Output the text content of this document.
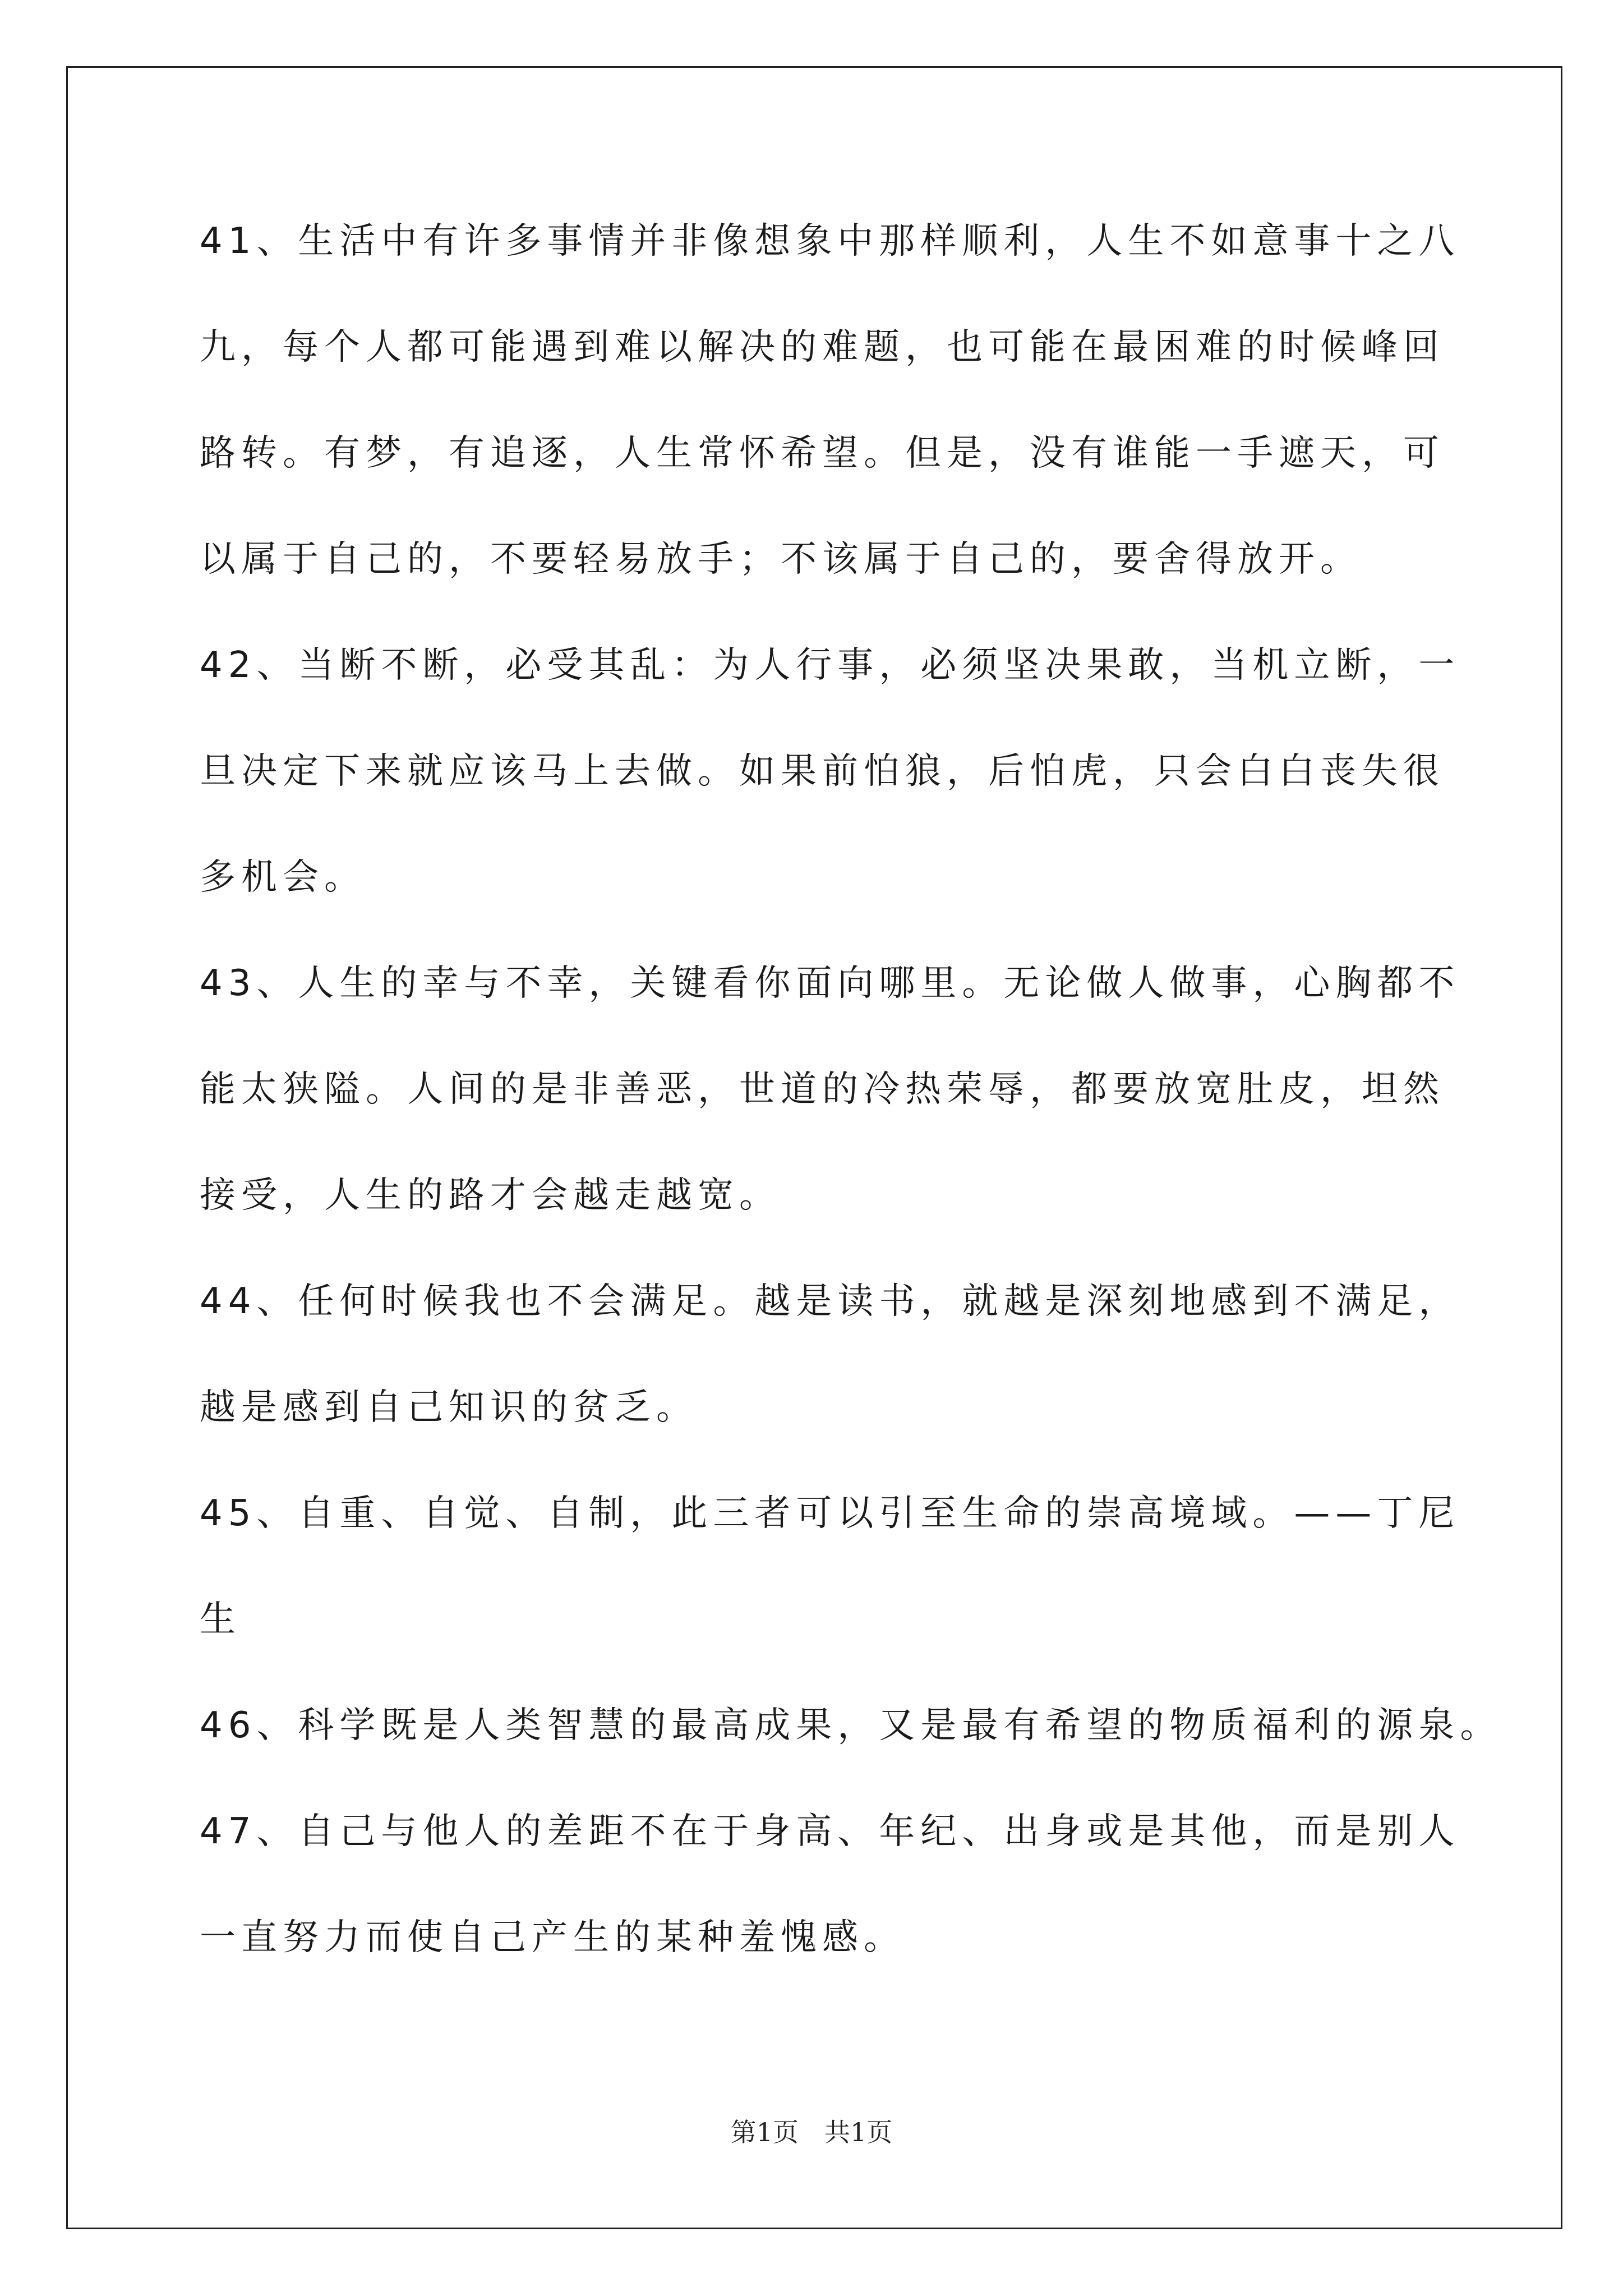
41、生活中有许多事情并非像想象中那样顺利，人生不如意事十之八
九，每个人都可能遇到难以解决的难题，也可能在最困难的时候峰回
路转。有梦，有追逐，人生常怀希望。但是，没有谁能一手遮天，可
以属于自己的，不要轻易放手；不该属于自己的，要舍得放开。
42、当断不断，必受其乱：为人行事，必须坚决果敢，当机立断，一
旦决定下来就应该马上去做。如果前怕狼，后怕虎，只会白白丧失很
多机会。
43、人生的幸与不幸，关键看你面向哪里。无论做人做事，心胸都不
能太狭隘。人间的是非善恶，世道的冷热荣辱，都要放宽肚皮，坦然
接受，人生的路才会越走越宽。
44、任何时候我也不会满足。越是读书，就越是深刻地感到不满足，
越是感到自己知识的贫乏。
45、自重、自觉、自制，此三者可以引至生命的崇高境域。——丁尼
生
46、科学既是人类智慧的最高成果，又是最有希望的物质福利的源泉。
47、自己与他人的差距不在于身高、年纪、出身或是其他，而是别人
一直努力而使自己产生的某种羞愧感。
第1页　共1页
